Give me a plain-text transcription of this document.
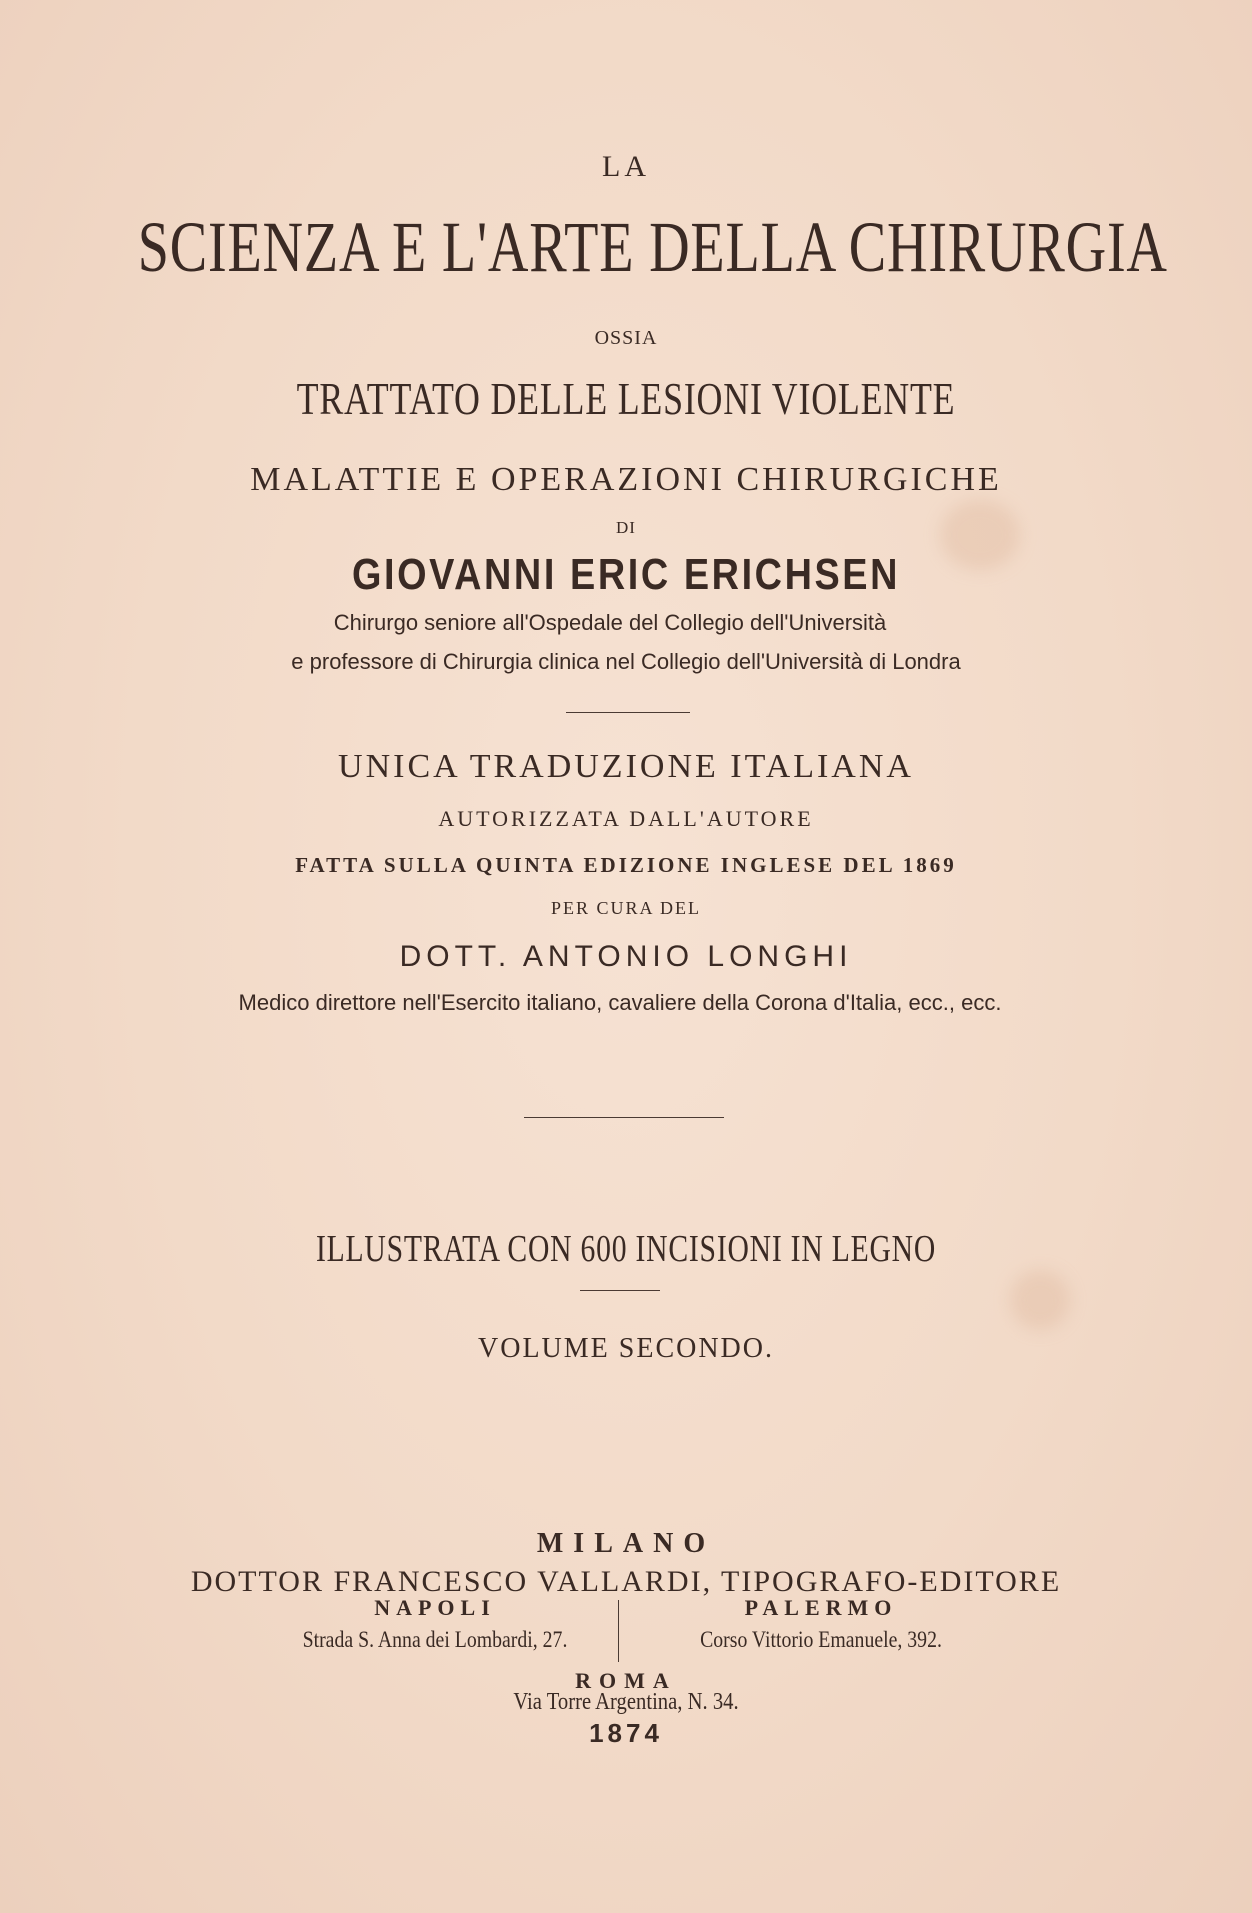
LA
SCIENZA E L'ARTE DELLA CHIRURGIA
OSSIA
TRATTATO DELLE LESIONI VIOLENTE
MALATTIE E OPERAZIONI CHIRURGICHE
DI
GIOVANNI ERIC ERICHSEN
Chirurgo seniore all'Ospedale del Collegio dell'Università
e professore di Chirurgia clinica nel Collegio dell'Università di Londra
UNICA TRADUZIONE ITALIANA
AUTORIZZATA DALL'AUTORE
FATTA SULLA QUINTA EDIZIONE INGLESE DEL 1869
PER CURA DEL
DOTT. ANTONIO LONGHI
Medico direttore nell'Esercito italiano, cavaliere della Corona d'Italia, ecc., ecc.
ILLUSTRATA CON 600 INCISIONI IN LEGNO
VOLUME SECONDO.
MILANO
DOTTOR FRANCESCO VALLARDI, TIPOGRAFO-EDITORE
NAPOLI
Strada S. Anna dei Lombardi, 27.
PALERMO
Corso Vittorio Emanuele, 392.
ROMA
Via Torre Argentina, N. 34.
1874
